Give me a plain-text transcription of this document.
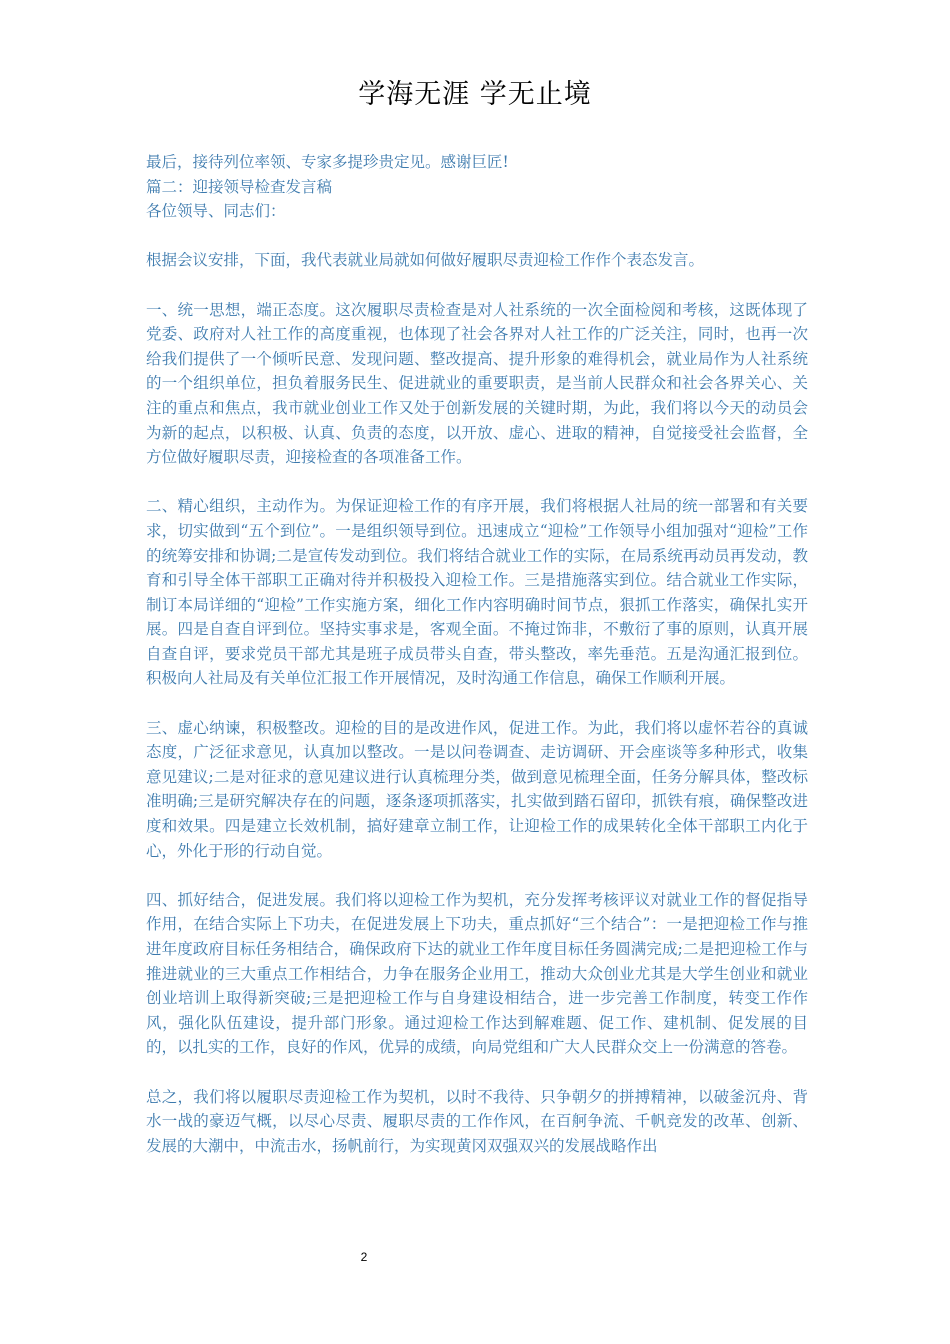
学海无涯 学无止境

最后，接待列位率领、专家多提珍贵定见。感谢巨匠!

篇二：迎接领导检查发言稿

各位领导、同志们：

根据会议安排，下面，我代表就业局就如何做好履职尽责迎检工作作个表态发言。

一、统一思想，端正态度。这次履职尽责检查是对人社系统的一次全面检阅和考核，这既体现了党委、政府对人社工作的高度重视，也体现了社会各界对人社工作的广泛关注，同时，也再一次给我们提供了一个倾听民意、发现问题、整改提高、提升形象的难得机会，就业局作为人社系统的一个组织单位，担负着服务民生、促进就业的重要职责，是当前人民群众和社会各界关心、关注的重点和焦点，我市就业创业工作又处于创新发展的关键时期，为此，我们将以今天的动员会为新的起点，以积极、认真、负责的态度，以开放、虚心、进取的精神，自觉接受社会监督，全方位做好履职尽责，迎接检查的各项准备工作。

二、精心组织，主动作为。为保证迎检工作的有序开展，我们将根据人社局的统一部署和有关要求，切实做到“五个到位”。一是组织领导到位。迅速成立“迎检”工作领导小组加强对“迎检”工作的统筹安排和协调;二是宣传发动到位。我们将结合就业工作的实际，在局系统再动员再发动，教育和引导全体干部职工正确对待并积极投入迎检工作。三是措施落实到位。结合就业工作实际，制订本局详细的“迎检”工作实施方案，细化工作内容明确时间节点，狠抓工作落实，确保扎实开展。四是自查自评到位。坚持实事求是，客观全面。不掩过饰非，不敷衍了事的原则，认真开展自查自评，要求党员干部尤其是班子成员带头自查，带头整改，率先垂范。五是沟通汇报到位。积极向人社局及有关单位汇报工作开展情况，及时沟通工作信息，确保工作顺利开展。

三、虚心纳谏，积极整改。迎检的目的是改进作风，促进工作。为此，我们将以虚怀若谷的真诚态度，广泛征求意见，认真加以整改。一是以问卷调查、走访调研、开会座谈等多种形式，收集意见建议;二是对征求的意见建议进行认真梳理分类，做到意见梳理全面，任务分解具体，整改标准明确;三是研究解决存在的问题，逐条逐项抓落实，扎实做到踏石留印，抓铁有痕，确保整改进度和效果。四是建立长效机制，搞好建章立制工作，让迎检工作的成果转化全体干部职工内化于心，外化于形的行动自觉。

四、抓好结合，促进发展。我们将以迎检工作为契机，充分发挥考核评议对就业工作的督促指导作用，在结合实际上下功夫，在促进发展上下功夫，重点抓好“三个结合”：一是把迎检工作与推进年度政府目标任务相结合，确保政府下达的就业工作年度目标任务圆满完成;二是把迎检工作与推进就业的三大重点工作相结合，力争在服务企业用工，推动大众创业尤其是大学生创业和就业创业培训上取得新突破;三是把迎检工作与自身建设相结合，进一步完善工作制度，转变工作作风，强化队伍建设，提升部门形象。通过迎检工作达到解难题、促工作、建机制、促发展的目的，以扎实的工作，良好的作风，优异的成绩，向局党组和广大人民群众交上一份满意的答卷。

总之，我们将以履职尽责迎检工作为契机，以时不我待、只争朝夕的拼搏精神，以破釜沉舟、背水一战的豪迈气概，以尽心尽责、履职尽责的工作作风，在百舸争流、千帆竞发的改革、创新、发展的大潮中，中流击水，扬帆前行，为实现黄冈双强双兴的发展战略作出

2
